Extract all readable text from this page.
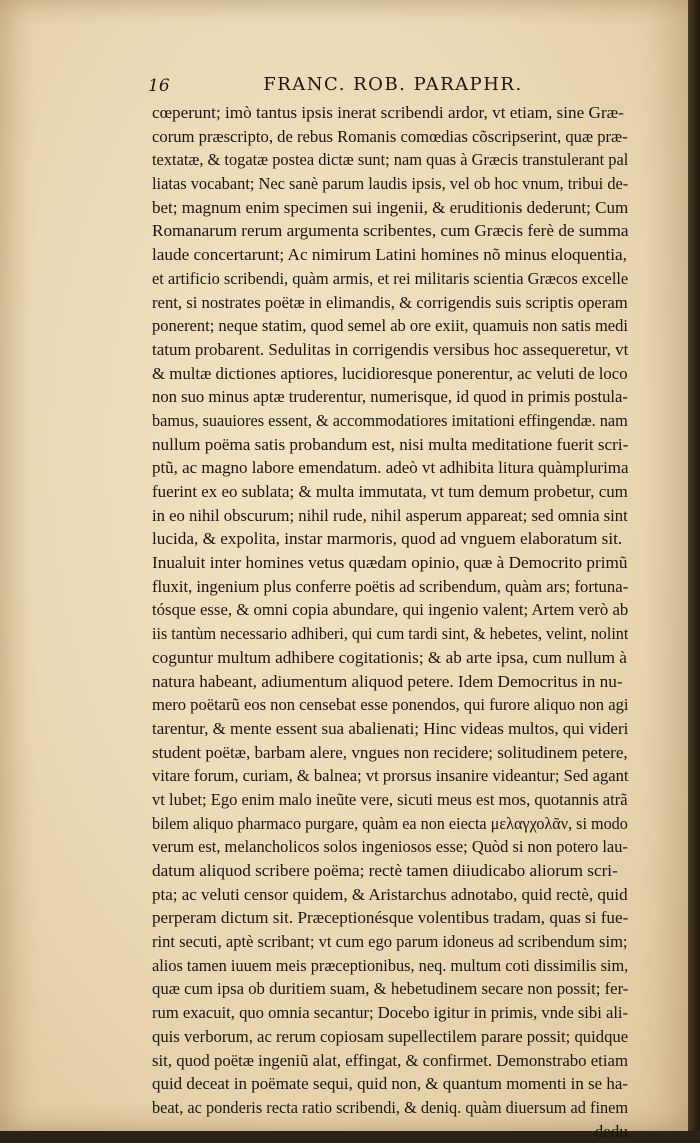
16	FRANC. ROB. PARAPHR.
cœperunt; imò tantus ipsis inerat scribendi ardor, vt etiam, sine Græ-
corum præscripto, de rebus Romanis comœdias cõscripserint, quæ præ-
textatæ, & togatæ postea dictæ sunt; nam quas à Græcis transtulerant pal
liatas vocabant; Nec sanè parum laudis ipsis, vel ob hoc vnum, tribui de-
bet; magnum enim specimen sui ingenii, & eruditionis dederunt; Cum
Romanarum rerum argumenta scribentes, cum Græcis ferè de summa
laude concertarunt; Ac nimirum Latini homines nõ minus eloquentia,
et artificio scribendi, quàm armis, et rei militaris scientia Græcos excelle
rent, si nostrates poëtæ in elimandis, & corrigendis suis scriptis operam
ponerent; neque statim, quod semel ab ore exiit, quamuis non satis medi
tatum probarent. Sedulitas in corrigendis versibus hoc assequeretur, vt
& multæ dictiones aptiores, lucidioresque ponerentur, ac veluti de loco
non suo minus aptæ truderentur, numerisque, id quod in primis postula-
bamus, suauiores essent, & accommodatiores imitationi effingendæ. nam
nullum poëma satis probandum est, nisi multa meditatione fuerit scri-
ptũ, ac magno labore emendatum. adeò vt adhibita litura quàmplurima
fuerint ex eo sublata; & multa immutata, vt tum demum probetur, cum
in eo nihil obscurum; nihil rude, nihil asperum appareat; sed omnia sint
lucida, & expolita, instar marmoris, quod ad vnguem elaboratum sit.
Inualuit inter homines vetus quædam opinio, quæ à Democrito primũ
fluxit, ingenium plus conferre poëtis ad scribendum, quàm ars; fortuna-
tósque esse, & omni copia abundare, qui ingenio valent; Artem verò ab
iis tantùm necessario adhiberi, qui cum tardi sint, & hebetes, velint, nolint
coguntur multum adhibere cogitationis; & ab arte ipsa, cum nullum à
natura habeant, adiumentum aliquod petere. Idem Democritus in nu-
mero poëtarũ eos non censebat esse ponendos, qui furore aliquo non agi
tarentur, & mente essent sua abalienati; Hinc videas multos, qui videri
student poëtæ, barbam alere, vngues non recidere; solitudinem petere,
vitare forum, curiam, & balnea; vt prorsus insanire videantur; Sed agant
vt lubet; Ego enim malo ineũte vere, sicuti meus est mos, quotannis atrã
bilem aliquo pharmaco purgare, quàm ea non eiecta μελαγχολᾶν, si modo
verum est, melancholicos solos ingeniosos esse; Quòd si non potero lau-
datum aliquod scribere poëma; rectè tamen diiudicabo aliorum scri-
pta; ac veluti censor quidem, & Aristarchus adnotabo, quid rectè, quid
perperam dictum sit. Præceptionésque volentibus tradam, quas si fue-
rint secuti, aptè scribant; vt cum ego parum idoneus ad scribendum sim;
alios tamen iuuem meis præceptionibus, neq. multum coti dissimilis sim,
quæ cum ipsa ob duritiem suam, & hebetudinem secare non possit; fer-
rum exacuit, quo omnia secantur; Docebo igitur in primis, vnde sibi ali-
quis verborum, ac rerum copiosam supellectilem parare possit; quidque
sit, quod poëtæ ingeniũ alat, effingat, & confirmet. Demonstrabo etiam
quid deceat in poëmate sequi, quid non, & quantum momenti in se ha-
beat, ac ponderis recta ratio scribendi, & deniq. quàm diuersum ad finem
dedu
